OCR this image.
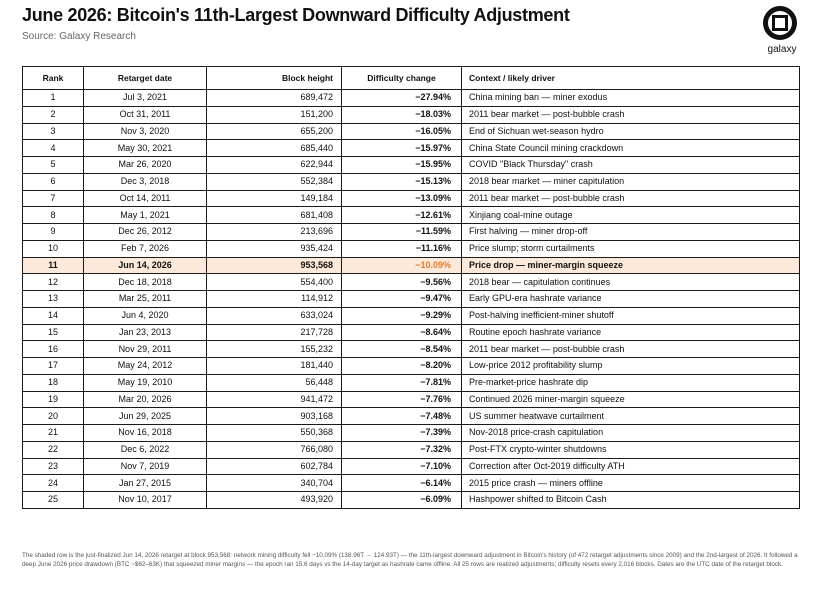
June 2026: Bitcoin's 11th-Largest Downward Difficulty Adjustment
Source: Galaxy Research
galaxy
Rank	Retarget date	Block height	Difficulty change	Context / likely driver
1	Jul 3, 2021	689,472	−27.94%	China mining ban — miner exodus
2	Oct 31, 2011	151,200	−18.03%	2011 bear market — post-bubble crash
3	Nov 3, 2020	655,200	−16.05%	End of Sichuan wet-season hydro
4	May 30, 2021	685,440	−15.97%	China State Council mining crackdown
5	Mar 26, 2020	622,944	−15.95%	COVID "Black Thursday" crash
6	Dec 3, 2018	552,384	−15.13%	2018 bear market — miner capitulation
7	Oct 14, 2011	149,184	−13.09%	2011 bear market — post-bubble crash
8	May 1, 2021	681,408	−12.61%	Xinjiang coal-mine outage
9	Dec 26, 2012	213,696	−11.59%	First halving — miner drop-off
10	Feb 7, 2026	935,424	−11.16%	Price slump; storm curtailments
11	Jun 14, 2026	953,568	−10.09%	Price drop — miner-margin squeeze
12	Dec 18, 2018	554,400	−9.56%	2018 bear — capitulation continues
13	Mar 25, 2011	114,912	−9.47%	Early GPU-era hashrate variance
14	Jun 4, 2020	633,024	−9.29%	Post-halving inefficient-miner shutoff
15	Jan 23, 2013	217,728	−8.64%	Routine epoch hashrate variance
16	Nov 29, 2011	155,232	−8.54%	2011 bear market — post-bubble crash
17	May 24, 2012	181,440	−8.20%	Low-price 2012 profitability slump
18	May 19, 2010	56,448	−7.81%	Pre-market-price hashrate dip
19	Mar 20, 2026	941,472	−7.76%	Continued 2026 miner-margin squeeze
20	Jun 29, 2025	903,168	−7.48%	US summer heatwave curtailment
21	Nov 16, 2018	550,368	−7.39%	Nov-2018 price-crash capitulation
22	Dec 6, 2022	766,080	−7.32%	Post-FTX crypto-winter shutdowns
23	Nov 7, 2019	602,784	−7.10%	Correction after Oct-2019 difficulty ATH
24	Jan 27, 2015	340,704	−6.14%	2015 price crash — miners offline
25	Nov 10, 2017	493,920	−6.09%	Hashpower shifted to Bitcoin Cash
The shaded row is the just-finalized Jun 14, 2026 retarget at block 953,568: network mining difficulty fell −10.09% (138.96T → 124.93T) — the 11th-largest downward adjustment in Bitcoin's history (of 472 retarget adjustments since 2009) and the 2nd-largest of 2026. It followed a deep June 2026 price drawdown (BTC ~$62–63K) that squeezed miner margins — the epoch ran 15.6 days vs the 14-day target as hashrate came offline. All 25 rows are realized adjustments; difficulty resets every 2,016 blocks. Dates are the UTC date of the retarget block.
